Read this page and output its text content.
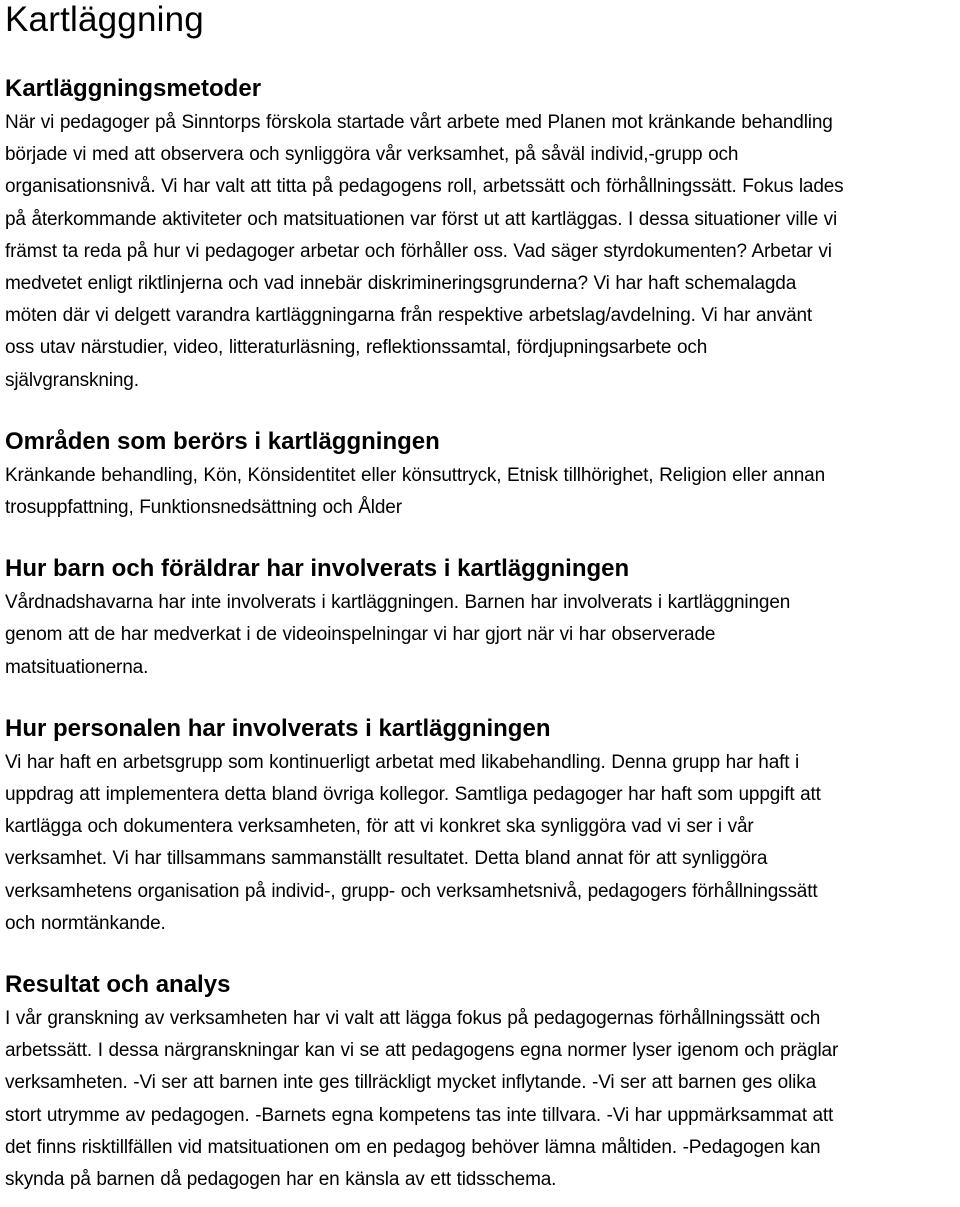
Kartläggning
Kartläggningsmetoder

När vi pedagoger på Sinntorps förskola startade vårt arbete med Planen mot kränkande behandling
började vi med att observera och synliggöra vår verksamhet, på såväl individ,-grupp och
organisationsnivå. Vi har valt att titta på pedagogens roll, arbetssätt och förhållningssätt. Fokus lades
på återkommande aktiviteter och matsituationen var först ut att kartläggas. I dessa situationer ville vi
främst ta reda på hur vi pedagoger arbetar och förhåller oss. Vad säger styrdokumenten? Arbetar vi
medvetet enligt riktlinjerna och vad innebär diskrimineringsgrunderna? Vi har haft schemalagda
möten där vi delgett varandra kartläggningarna från respektive arbetslag/avdelning. Vi har använt
oss utav närstudier, video, litteraturläsning, reflektionssamtal, fördjupningsarbete och
självgranskning.

Områden som berörs i kartläggningen

Kränkande behandling, Kön, Könsidentitet eller könsuttryck, Etnisk tillhörighet, Religion eller annan
trosuppfattning, Funktionsnedsättning och Ålder

Hur barn och föräldrar har involverats i kartläggningen

Vårdnadshavarna har inte involverats i kartläggningen. Barnen har involverats i kartläggningen
genom att de har medverkat i de videoinspelningar vi har gjort när vi har observerade
matsituationerna.

Hur personalen har involverats i kartläggningen

Vi har haft en arbetsgrupp som kontinuerligt arbetat med likabehandling. Denna grupp har haft i
uppdrag att implementera detta bland övriga kollegor. Samtliga pedagoger har haft som uppgift att
kartlägga och dokumentera verksamheten, för att vi konkret ska synliggöra vad vi ser i vår
verksamhet. Vi har tillsammans sammanställt resultatet. Detta bland annat för att synliggöra
verksamhetens organisation på individ-, grupp- och verksamhetsnivå, pedagogers förhållningssätt
och normtänkande.

Resultat och analys

I vår granskning av verksamheten har vi valt att lägga fokus på pedagogernas förhållningssätt och
arbetssätt. I dessa närgranskningar kan vi se att pedagogens egna normer lyser igenom och präglar
verksamheten. -Vi ser att barnen inte ges tillräckligt mycket inflytande. -Vi ser att barnen ges olika
stort utrymme av pedagogen. -Barnets egna kompetens tas inte tillvara. -Vi har uppmärksammat att
det finns risktillfällen vid matsituationen om en pedagog behöver lämna måltiden. -Pedagogen kan
skynda på barnen då pedagogen har en känsla av ett tidsschema.
